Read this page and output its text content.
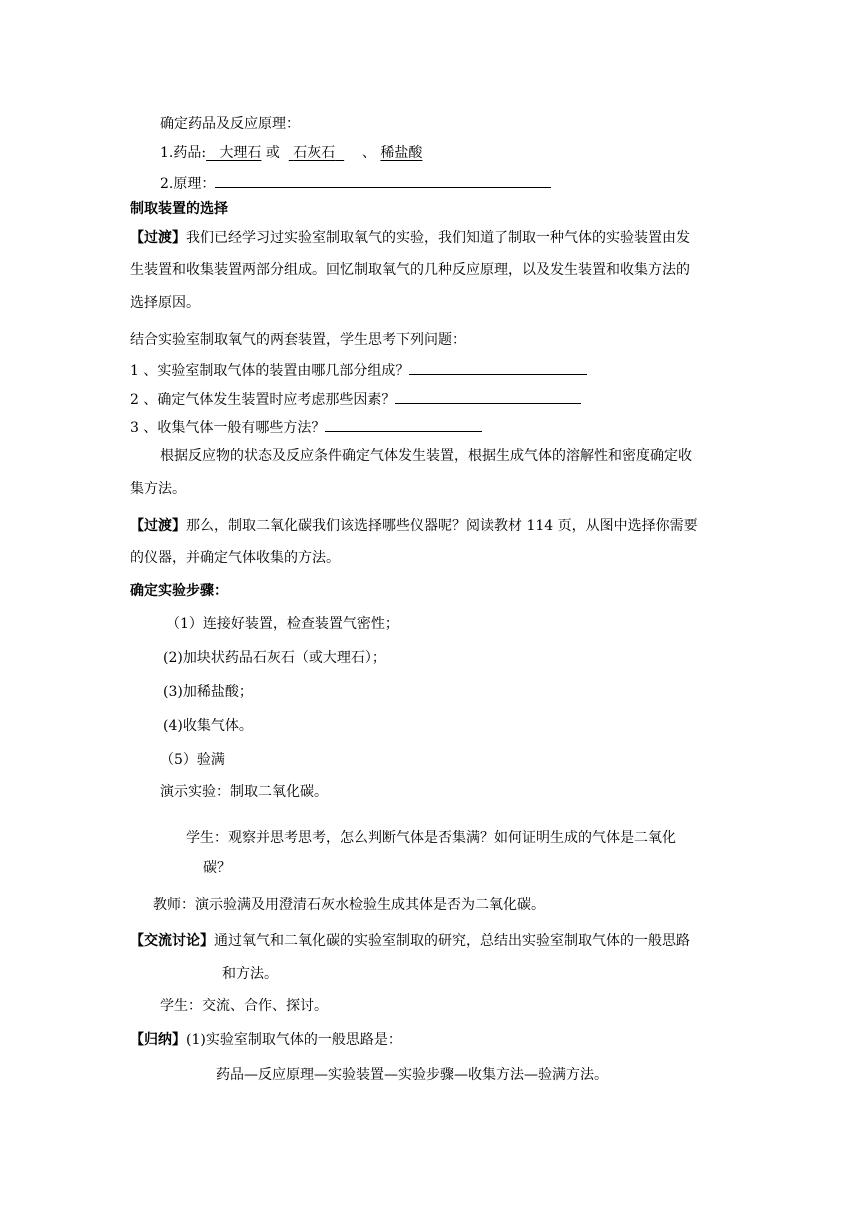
确定药品及反应原理：
1.药品: 大理石 或 石灰石 、 稀盐酸
2.原理：
制取装置的选择
【过渡】我们已经学习过实验室制取氧气的实验，我们知道了制取一种气体的实验装置由发
生装置和收集装置两部分组成。回忆制取氧气的几种反应原理，以及发生装置和收集方法的
选择原因。
结合实验室制取氧气的两套装置，学生思考下列问题：
1 、实验室制取气体的装置由哪几部分组成？
2 、确定气体发生装置时应考虑那些因素？
3 、收集气体一般有哪些方法？
根据反应物的状态及反应条件确定气体发生装置，根据生成气体的溶解性和密度确定收
集方法。
【过渡】那么，制取二氧化碳我们该选择哪些仪器呢？阅读教材 114 页，从图中选择你需要
的仪器，并确定气体收集的方法。
确定实验步骤：
（1）连接好装置，检查装置气密性；
(2)加块状药品石灰石（或大理石）；
(3)加稀盐酸；
(4)收集气体。
（5）验满
演示实验：制取二氧化碳。
学生：观察并思考思考，怎么判断气体是否集满？如何证明生成的气体是二氧化
碳？
教师：演示验满及用澄清石灰水检验生成其体是否为二氧化碳。
【交流讨论】通过氧气和二氧化碳的实验室制取的研究，总结出实验室制取气体的一般思路
和方法。
学生：交流、合作、探讨。
【归纳】(1)实验室制取气体的一般思路是：
药品—反应原理—实验装置—实验步骤—收集方法—验满方法。
